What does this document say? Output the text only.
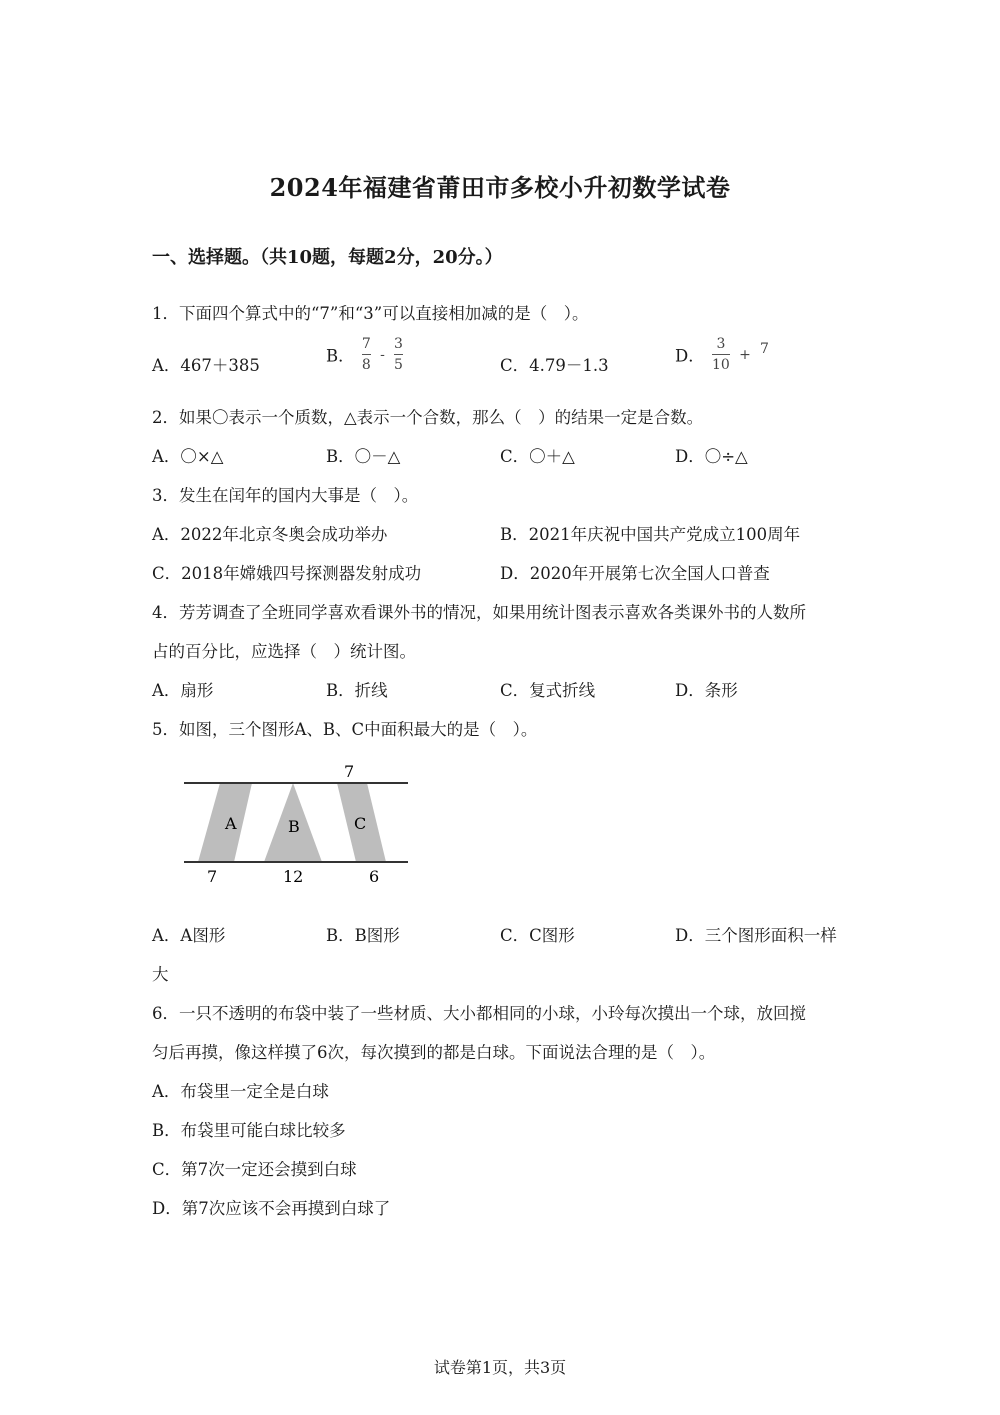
2024年福建省莆田市多校小升初数学试卷
一、选择题。（共10题，每题2分，20分。）
1．下面四个算式中的“7”和“3”可以直接相加减的是（　）。
A．467＋385	B． $\frac{7}{8} - \frac{3}{5}$	C．4.79－1.3	D． $\frac{3}{10} + ^7$
2．如果〇表示一个质数，△表示一个合数，那么（　）的结果一定是合数。
A．〇×△	B．〇－△	C．〇＋△	D．〇÷△
3．发生在闰年的国内大事是（　）。
A．2022年北京冬奥会成功举办	B．2021年庆祝中国共产党成立100周年
C．2018年嫦娥四号探测器发射成功	D．2020年开展第七次全国人口普查
4．芳芳调查了全班同学喜欢看课外书的情况，如果用统计图表示喜欢各类课外书的人数所
占的百分比，应选择（　）统计图。
A．扇形	B．折线	C．复式折线	D．条形
5．如图，三个图形A、B、C中面积最大的是（　）。
A	B	C
7
7	12	6
A．A图形	B．B图形	C．C图形	D．三个图形面积一样
大
6．一只不透明的布袋中装了一些材质、大小都相同的小球，小玲每次摸出一个球，放回搅
匀后再摸，像这样摸了6次，每次摸到的都是白球。下面说法合理的是（　）。
A．布袋里一定全是白球
B．布袋里可能白球比较多
C．第7次一定还会摸到白球
D．第7次应该不会再摸到白球了
试卷第1页，共3页
